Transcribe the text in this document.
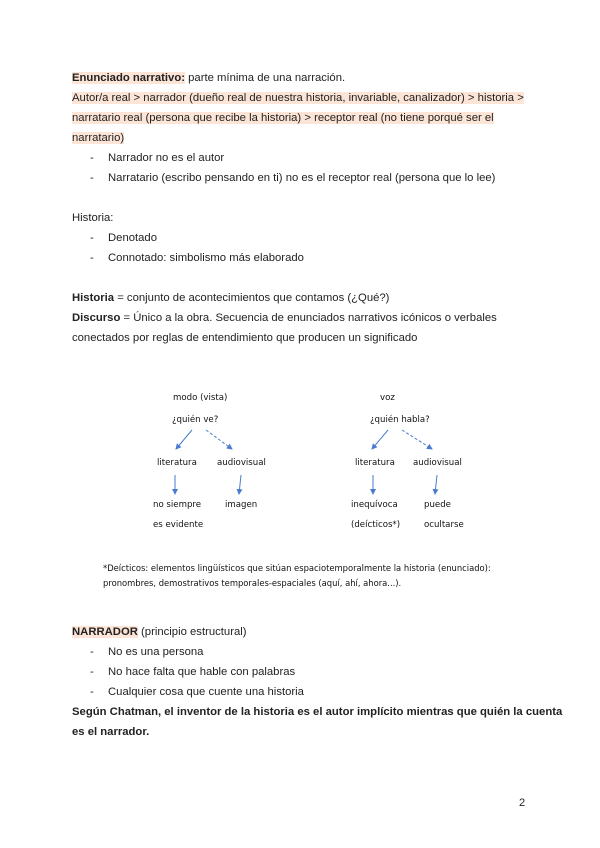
Enunciado narrativo: parte mínima de una narración.
Autor/a real > narrador (dueño real de nuestra historia, invariable, canalizador) > historia >
narratario real (persona que recibe la historia) > receptor real (no tiene porqué ser el
narratario)
- Narrador no es el autor
- Narratario (escribo pensando en ti) no es el receptor real (persona que lo lee)
Historia:
- Denotado
- Connotado: simbolismo más elaborado
Historia = conjunto de acontecimientos que contamos (¿Qué?)
Discurso = Único a la obra. Secuencia de enunciados narrativos icónicos o verbales
conectados por reglas de entendimiento que producen un significado
modo (vista)
¿quién ve?
literatura audiovisual
no siempre
es evidente
imagen
voz
¿quién habla?
literatura audiovisual
inequívoca
(deícticos*)
puede
ocultarse
*Deícticos: elementos lingüísticos que sitúan espaciotemporalmente la historia (enunciado):
pronombres, demostrativos temporales-espaciales (aquí, ahí, ahora...).
NARRADOR (principio estructural)
- No es una persona
- No hace falta que hable con palabras
- Cualquier cosa que cuente una historia
Según Chatman, el inventor de la historia es el autor implícito mientras que quién la cuenta
es el narrador.
2
